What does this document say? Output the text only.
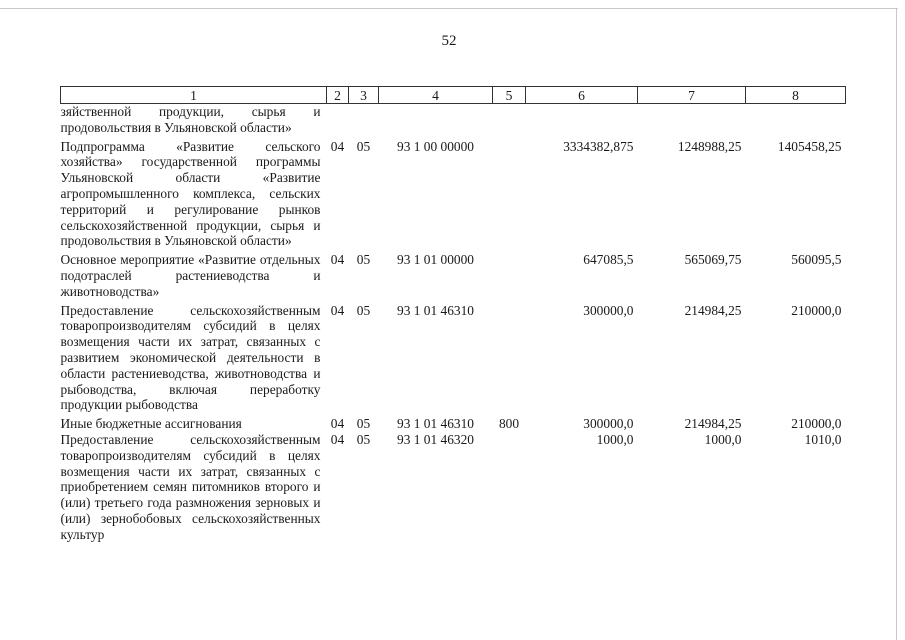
52
1	2	3	4	5	6	7	8
зяйственной продукции, сырья и продовольствия в Ульяновской области»							
Подпрограмма «Развитие сельского хозяйства» государственной программы Ульяновской области «Развитие агропромышленного комплекса, сельских территорий и регулирование рынков сельскохозяйственной продукции, сырья и продовольствия в Ульяновской области»	04	05	93 1 00 00000		3334382,875	1248988,25	1405458,25
Основное мероприятие «Развитие отдельных подотраслей растениеводства и животноводства»	04	05	93 1 01 00000		647085,5	565069,75	560095,5
Предоставление сельскохозяйственным товаропроизводителям субсидий в целях возмещения части их затрат, связанных с развитием экономической деятельности в области растениеводства, животноводства и рыбоводства, включая переработку продукции рыбоводства	04	05	93 1 01 46310		300000,0	214984,25	210000,0
Иные бюджетные ассигнования	04	05	93 1 01 46310	800	300000,0	214984,25	210000,0
Предоставление сельскохозяйственным товаропроизводителям субсидий в целях возмещения части их затрат, связанных с приобретением семян питомников второго и (или) третьего года размножения зерновых и (или) зернобобовых сельскохозяйственных культур	04	05	93 1 01 46320		1000,0	1000,0	1010,0
